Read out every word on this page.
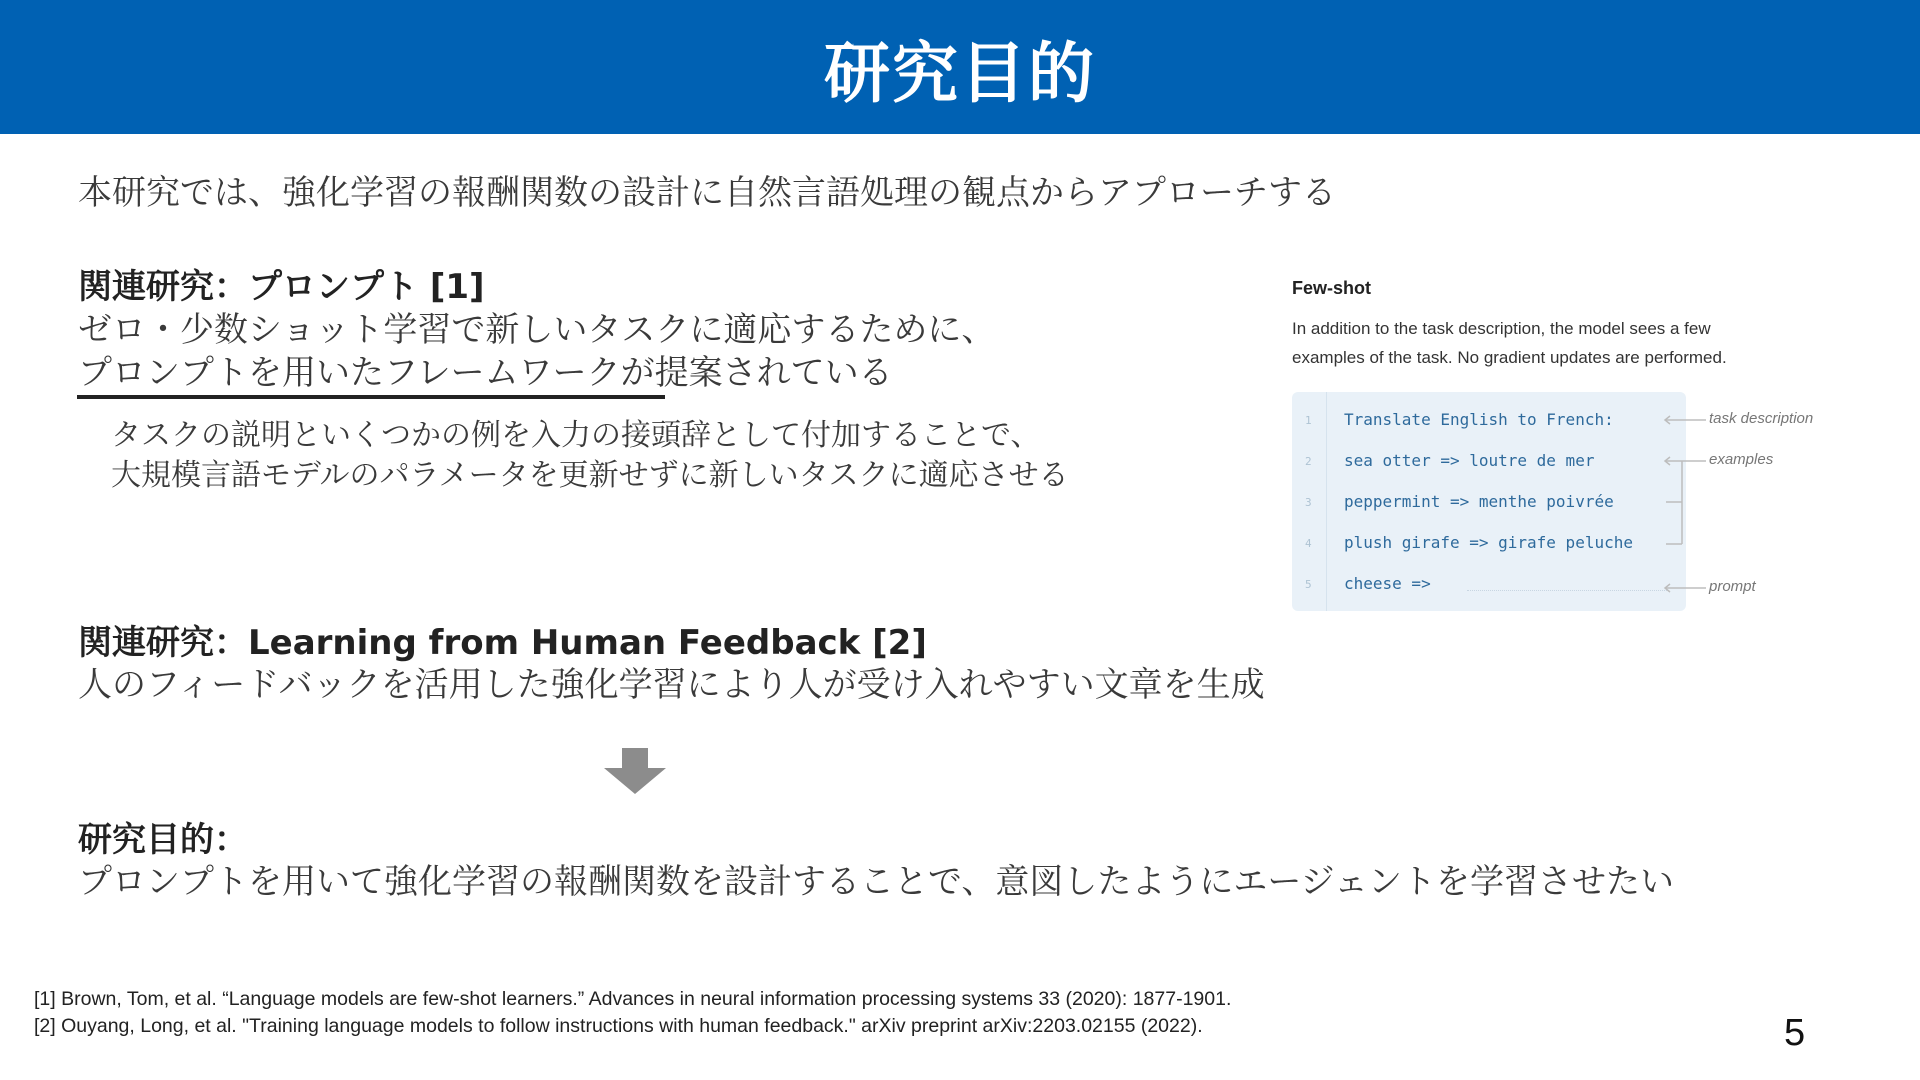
研究目的
本研究では、強化学習の報酬関数の設計に自然言語処理の観点からアプローチする
関連研究：プロンプト [1]
ゼロ・少数ショット学習で新しいタスクに適応するために、
プロンプトを用いたフレームワークが提案されている
タスクの説明といくつかの例を入力の接頭辞として付加することで、
大規模言語モデルのパラメータを更新せずに新しいタスクに適応させる
Few-shot
In addition to the task description, the model sees a few
examples of the task. No gradient updates are performed.
1
2
3
4
5
Translate English to French:
sea otter => loutre de mer
peppermint => menthe poivrée
plush girafe => girafe peluche
cheese =>
task description
examples
prompt
関連研究：Learning from Human Feedback [2]
人のフィードバックを活用した強化学習により人が受け入れやすい文章を生成
研究目的：
プロンプトを用いて強化学習の報酬関数を設計することで、意図したようにエージェントを学習させたい
[1] Brown, Tom, et al. “Language models are few-shot learners.” Advances in neural information processing systems 33 (2020): 1877-1901.
[2] Ouyang, Long, et al. "Training language models to follow instructions with human feedback." arXiv preprint arXiv:2203.02155 (2022).	5
